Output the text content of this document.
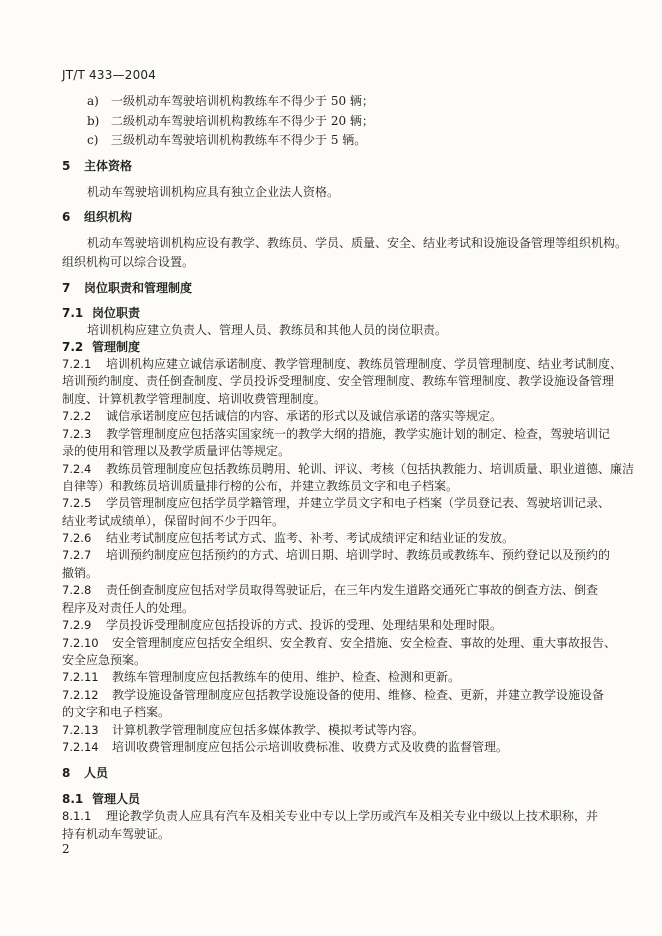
JT/T 433—2004
a) 一级机动车驾驶培训机构教练车不得少于 50 辆；
b) 二级机动车驾驶培训机构教练车不得少于 20 辆；
c) 三级机动车驾驶培训机构教练车不得少于 5 辆。
5 主体资格
机动车驾驶培训机构应具有独立企业法人资格。
6 组织机构
机动车驾驶培训机构应设有教学、教练员、学员、质量、安全、结业考试和设施设备管理等组织机构。
组织机构可以综合设置。
7 岗位职责和管理制度
7.1 岗位职责
培训机构应建立负责人、管理人员、教练员和其他人员的岗位职责。
7.2 管理制度
7.2.1 培训机构应建立诚信承诺制度、教学管理制度、教练员管理制度、学员管理制度、结业考试制度、
培训预约制度、责任倒查制度、学员投诉受理制度、安全管理制度、教练车管理制度、教学设施设备管理
制度、计算机教学管理制度、培训收费管理制度。
7.2.2 诚信承诺制度应包括诚信的内容、承诺的形式以及诚信承诺的落实等规定。
7.2.3 教学管理制度应包括落实国家统一的教学大纲的措施，教学实施计划的制定、检查，驾驶培训记
录的使用和管理以及教学质量评估等规定。
7.2.4 教练员管理制度应包括教练员聘用、轮训、评议、考核（包括执教能力、培训质量、职业道德、廉洁
自律等）和教练员培训质量排行榜的公布，并建立教练员文字和电子档案。
7.2.5 学员管理制度应包括学员学籍管理，并建立学员文字和电子档案（学员登记表、驾驶培训记录、
结业考试成绩单），保留时间不少于四年。
7.2.6 结业考试制度应包括考试方式、监考、补考、考试成绩评定和结业证的发放。
7.2.7 培训预约制度应包括预约的方式、培训日期、培训学时、教练员或教练车、预约登记以及预约的
撤销。
7.2.8 责任倒查制度应包括对学员取得驾驶证后，在三年内发生道路交通死亡事故的倒查方法、倒查
程序及对责任人的处理。
7.2.9 学员投诉受理制度应包括投诉的方式、投诉的受理、处理结果和处理时限。
7.2.10 安全管理制度应包括安全组织、安全教育、安全措施、安全检查、事故的处理、重大事故报告、
安全应急预案。
7.2.11 教练车管理制度应包括教练车的使用、维护、检查、检测和更新。
7.2.12 教学设施设备管理制度应包括教学设施设备的使用、维修、检查、更新，并建立教学设施设备
的文字和电子档案。
7.2.13 计算机教学管理制度应包括多媒体教学、模拟考试等内容。
7.2.14 培训收费管理制度应包括公示培训收费标准、收费方式及收费的监督管理。
8 人员
8.1 管理人员
8.1.1 理论教学负责人应具有汽车及相关专业中专以上学历或汽车及相关专业中级以上技术职称，并
持有机动车驾驶证。
2
